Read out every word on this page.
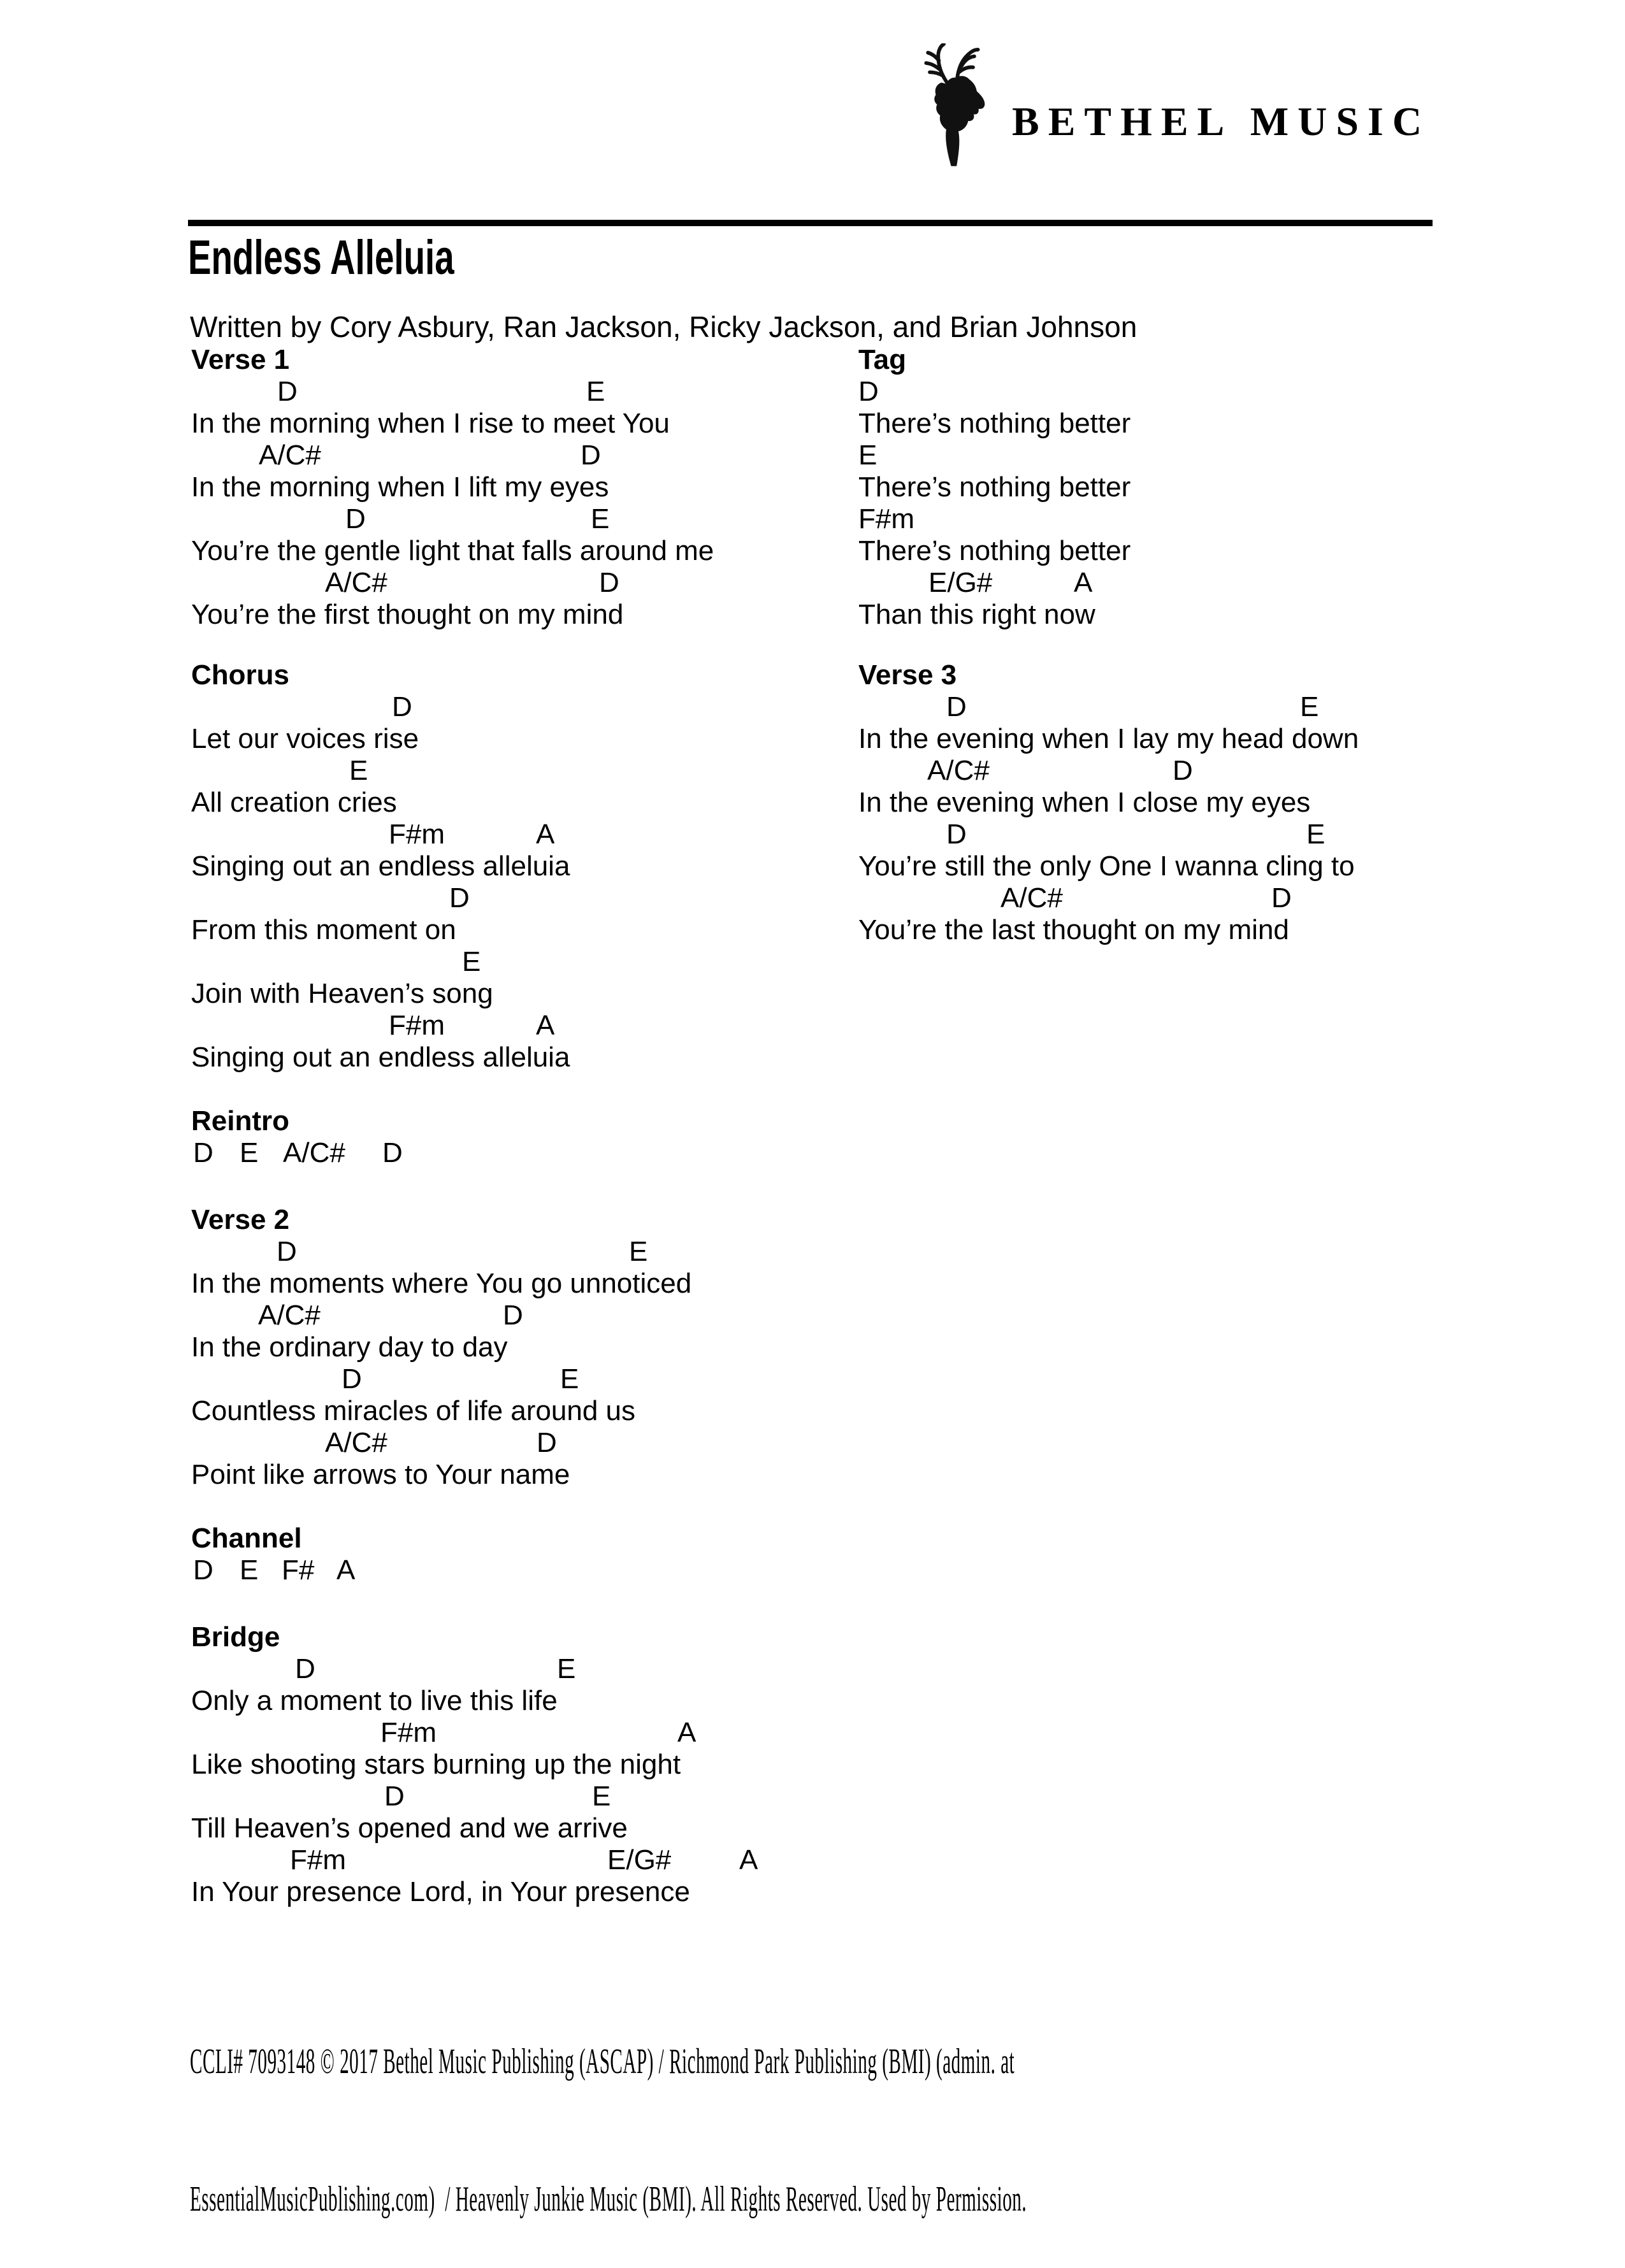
BETHEL MUSIC
Endless Alleluia
Written by Cory Asbury, Ran Jackson, Ricky Jackson, and Brian Johnson
Verse 1
D	E
In the morning when I rise to meet You
A/C#	D
In the morning when I lift my eyes
D	E
You’re the gentle light that falls around me
A/C#	D
You’re the first thought on my mind
Chorus
D
Let our voices rise
E
All creation cries
F#m	A
Singing out an endless alleluia
D
From this moment on
E
Join with Heaven’s song
F#m	A
Singing out an endless alleluia
Reintro
D E A/C# D
Verse 2
D	E
In the moments where You go unnoticed
A/C#	D
In the ordinary day to day
D	E
Countless miracles of life around us
A/C#	D
Point like arrows to Your name
Channel
D E F# A
Bridge
D	E
Only a moment to live this life
F#m	A
Like shooting stars burning up the night
D	E
Till Heaven’s opened and we arrive
F#m	E/G# A
In Your presence Lord, in Your presence
Tag
D
There’s nothing better
E
There’s nothing better
F#m
There’s nothing better
E/G#	A
Than this right now
Verse 3
D	E
In the evening when I lay my head down
A/C#	D
In the evening when I close my eyes
D	E
You’re still the only One I wanna cling to
A/C#	D
You’re the last thought on my mind

CCLI# 7093148 © 2017 Bethel Music Publishing (ASCAP) / Richmond Park Publishing (BMI) (admin. at

EssentialMusicPublishing.com)  / Heavenly Junkie Music (BMI). All Rights Reserved. Used by Permission.
